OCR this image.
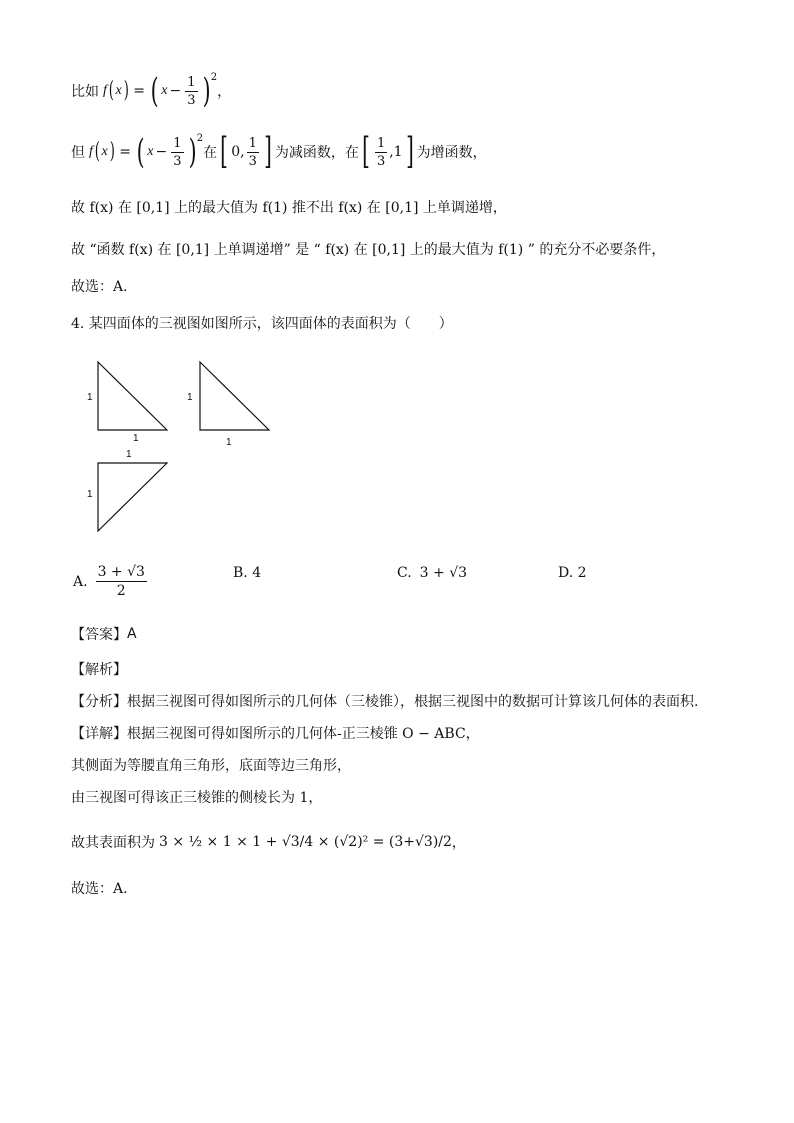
比如 f ( x ) = ( $x - \frac{1}{3}$ ) 2
，
但 f ( x ) = ( $x - \frac{1}{3}$ ) 2
在 [ 0, $\frac{1}{3}$ ] 为减函数，在 [ $\frac{1}{3} ,1$ ] 为增函数，
故 f(x) 在 [0,1] 上的最大值为 f(1) 推不出 f(x) 在 [0,1] 上单调递增，
故 “函数 f(x) 在 [0,1] 上单调递增” 是 “ f(x) 在 [0,1] 上的最大值为 f(1) ” 的充分不必要条件，
故选：A.
4. 某四面体的三视图如图所示，该四面体的表面积为（　　）
1
1
1
1
1
1
A. $\frac{3 + √3}{2}$	B. 4	C. 3 + √3	D. 2
【答案】 A
【解析】
【分析】 根据三视图可得如图所示的几何体（三棱锥），根据三视图中的数据可计算该几何体的表面积.
【详解】 根据三视图可得如图所示的几何体-正三棱锥 O − ABC，
其侧面为等腰直角三角形，底面等边三角形，
由三视图可得该正三棱锥的侧棱长为 1，
故其表面积为 3 × ½ × 1 × 1 + √3/4 × (√2)² = (3+√3)/2 ，
故选：A.
